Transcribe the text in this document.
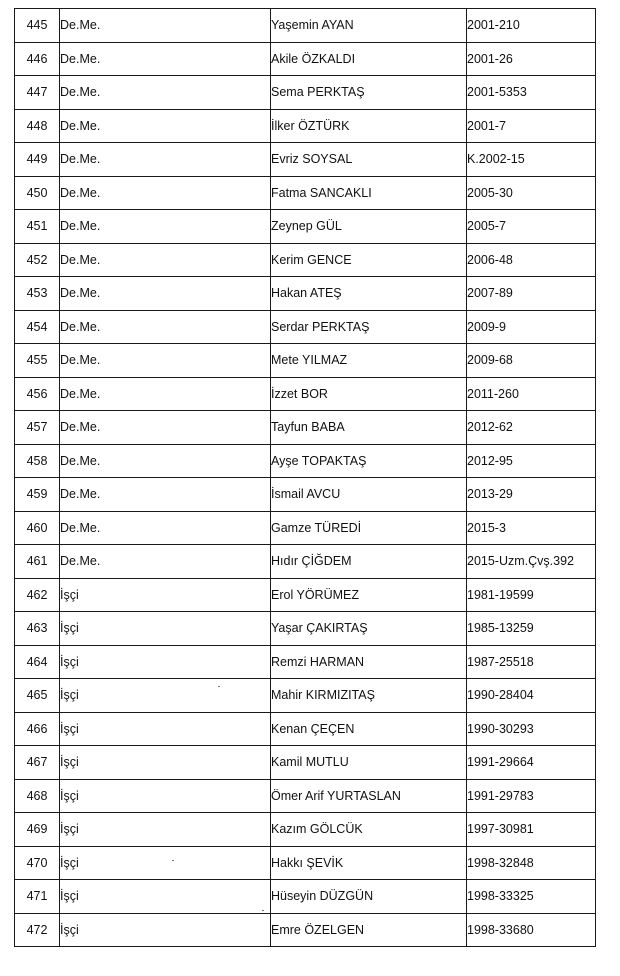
445	De.Me.	Yaşemin AYAN	2001-210
446	De.Me.	Akile ÖZKALDI	2001-26
447	De.Me.	Sema PERKTAŞ	2001-5353
448	De.Me.	İlker ÖZTÜRK	2001-7
449	De.Me.	Evriz SOYSAL	K.2002-15
450	De.Me.	Fatma SANCAKLI	2005-30
451	De.Me.	Zeynep GÜL	2005-7
452	De.Me.	Kerim GENCE	2006-48
453	De.Me.	Hakan ATEŞ	2007-89
454	De.Me.	Serdar PERKTAŞ	2009-9
455	De.Me.	Mete YILMAZ	2009-68
456	De.Me.	İzzet BOR	2011-260
457	De.Me.	Tayfun BABA	2012-62
458	De.Me.	Ayşe TOPAKTAŞ	2012-95
459	De.Me.	İsmail AVCU	2013-29
460	De.Me.	Gamze TÜREDİ	2015-3
461	De.Me.	Hıdır ÇİĞDEM	2015-Uzm.Çvş.392
462	İşçi	Erol YÖRÜMEZ	1981-19599
463	İşçi	Yaşar ÇAKIRTAŞ	1985-13259
464	İşçi	Remzi HARMAN	1987-25518
465	İşçi	Mahir KIRMIZITAŞ	1990-28404
466	İşçi	Kenan ÇEÇEN	1990-30293
467	İşçi	Kamil MUTLU	1991-29664
468	İşçi	Ömer Arif YURTASLAN	1991-29783
469	İşçi	Kazım GÖLCÜK	1997-30981
470	İşçi	Hakkı ŞEVİK	1998-32848
471	İşçi	Hüseyin DÜZGÜN	1998-33325
472	İşçi	Emre ÖZELGEN	1998-33680
